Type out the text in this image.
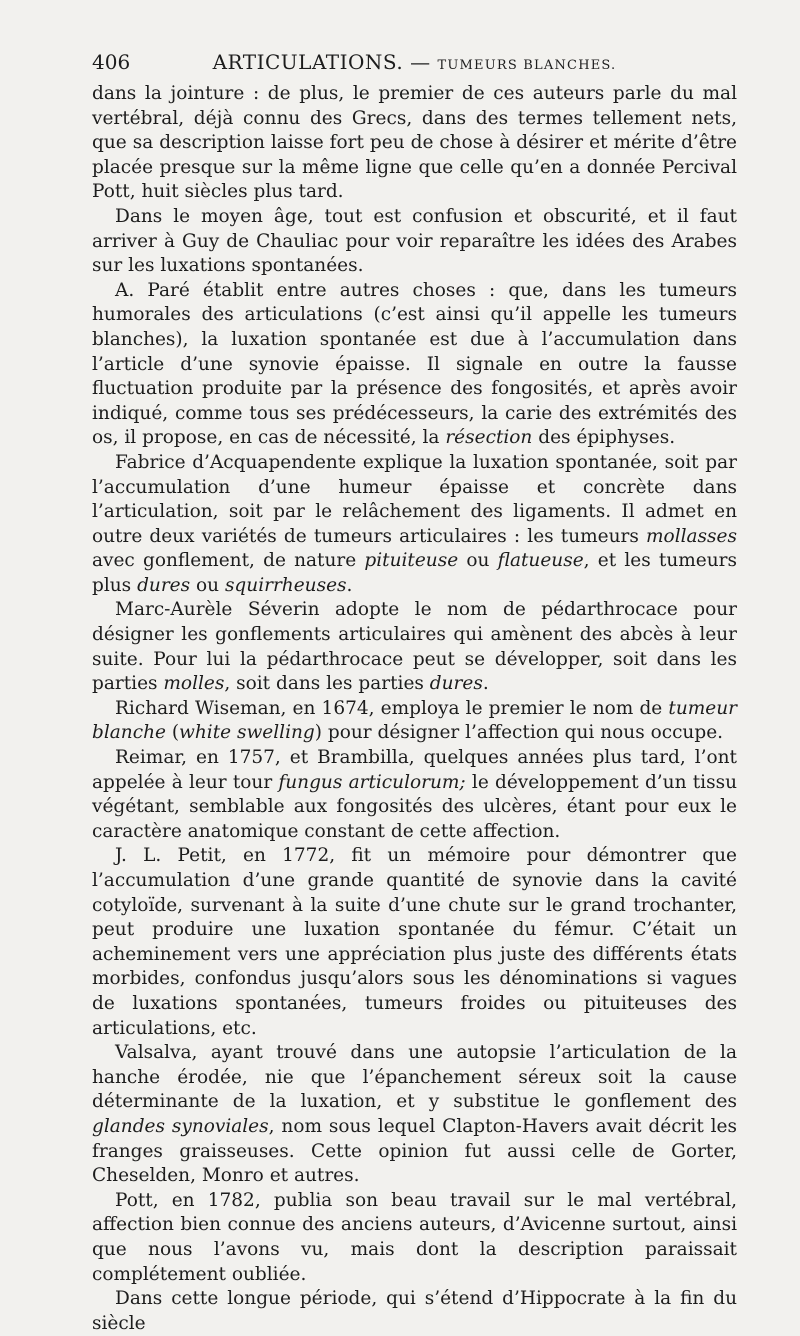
406	ARTICULATIONS. — TUMEURS BLANCHES.

dans la jointure : de plus, le premier de ces auteurs parle du mal vertébral, déjà connu des Grecs, dans des termes tellement nets, que sa description laisse fort peu de chose à désirer et mérite d’être placée presque sur la même ligne que celle qu’en a donnée Percival Pott, huit siècles plus tard.

Dans le moyen âge, tout est confusion et obscurité, et il faut arriver à Guy de Chauliac pour voir reparaître les idées des Arabes sur les luxations spontanées.

A. Paré établit entre autres choses : que, dans les tumeurs humorales des articulations (c’est ainsi qu’il appelle les tumeurs blanches), la luxation spontanée est due à l’accumulation dans l’article d’une synovie épaisse. Il signale en outre la fausse fluctuation produite par la présence des fongosités, et après avoir indiqué, comme tous ses prédécesseurs, la carie des extrémités des os, il propose, en cas de nécessité, la résection des épiphyses.

Fabrice d’Acquapendente explique la luxation spontanée, soit par l’accumulation d’une humeur épaisse et concrète dans l’articulation, soit par le relâchement des ligaments. Il admet en outre deux variétés de tumeurs articulaires : les tumeurs mollasses avec gonflement, de nature pituiteuse ou flatueuse, et les tumeurs plus dures ou squirrheuses.

Marc-Aurèle Séverin adopte le nom de pédarthrocace pour désigner les gonflements articulaires qui amènent des abcès à leur suite. Pour lui la pédarthrocace peut se développer, soit dans les parties molles, soit dans les parties dures.

Richard Wiseman, en 1674, employa le premier le nom de tumeur blanche (white swelling) pour désigner l’affection qui nous occupe.

Reimar, en 1757, et Brambilla, quelques années plus tard, l’ont appelée à leur tour fungus articulorum; le développement d’un tissu végétant, semblable aux fongosités des ulcères, étant pour eux le caractère anatomique constant de cette affection.

J. L. Petit, en 1772, fit un mémoire pour démontrer que l’accumulation d’une grande quantité de synovie dans la cavité cotyloïde, survenant à la suite d’une chute sur le grand trochanter, peut produire une luxation spontanée du fémur. C’était un acheminement vers une appréciation plus juste des différents états morbides, confondus jusqu’alors sous les dénominations si vagues de luxations spontanées, tumeurs froides ou pituiteuses des articulations, etc.

Valsalva, ayant trouvé dans une autopsie l’articulation de la hanche érodée, nie que l’épanchement séreux soit la cause déterminante de la luxation, et y substitue le gonflement des glandes synoviales, nom sous lequel Clapton-Havers avait décrit les franges graisseuses. Cette opinion fut aussi celle de Gorter, Cheselden, Monro et autres.

Pott, en 1782, publia son beau travail sur le mal vertébral, affection bien connue des anciens auteurs, d’Avicenne surtout, ainsi que nous l’avons vu, mais dont la description paraissait complétement oubliée.

Dans cette longue période, qui s’étend d’Hippocrate à la fin du siècle
